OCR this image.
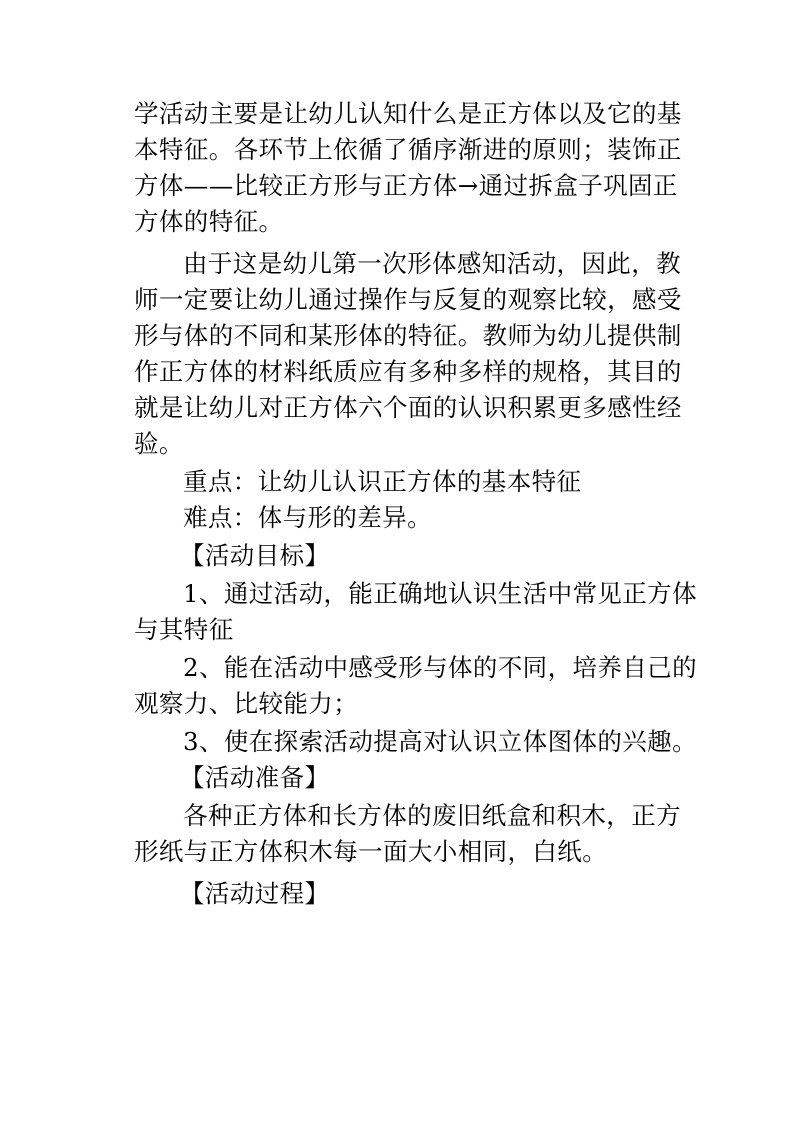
学活动主要是让幼儿认知什么是正方体以及它的基
本特征。各环节上依循了循序渐进的原则；装饰正
方体——比较正方形与正方体→通过拆盒子巩固正
方体的特征。
由于这是幼儿第一次形体感知活动，因此，教
师一定要让幼儿通过操作与反复的观察比较，感受
形与体的不同和某形体的特征。教师为幼儿提供制
作正方体的材料纸质应有多种多样的规格，其目的
就是让幼儿对正方体六个面的认识积累更多感性经
验。
重点：让幼儿认识正方体的基本特征
难点：体与形的差异。
【活动目标】
1、通过活动，能正确地认识生活中常见正方体
与其特征
2、能在活动中感受形与体的不同，培养自己的
观察力、比较能力；
3、使在探索活动提高对认识立体图体的兴趣。
【活动准备】
各种正方体和长方体的废旧纸盒和积木，正方
形纸与正方体积木每一面大小相同，白纸。
【活动过程】
